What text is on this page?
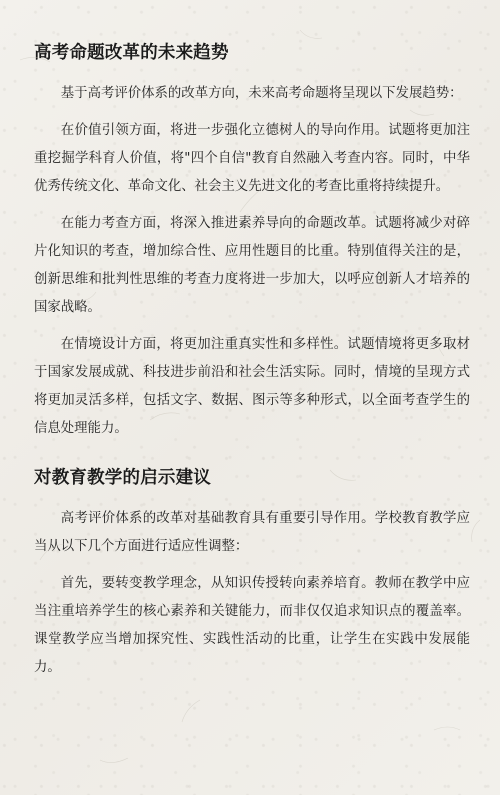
高考命题改革的未来趋势

基于高考评价体系的改革方向，未来高考命题将呈现以下发展趋势：

在价值引领方面，将进一步强化立德树人的导向作用。试题将更加注重挖掘学科育人价值，将"四个自信"教育自然融入考查内容。同时，中华优秀传统文化、革命文化、社会主义先进文化的考查比重将持续提升。

在能力考查方面，将深入推进素养导向的命题改革。试题将减少对碎片化知识的考查，增加综合性、应用性题目的比重。特别值得关注的是，创新思维和批判性思维的考查力度将进一步加大，以呼应创新人才培养的国家战略。

在情境设计方面，将更加注重真实性和多样性。试题情境将更多取材于国家发展成就、科技进步前沿和社会生活实际。同时，情境的呈现方式将更加灵活多样，包括文字、数据、图示等多种形式，以全面考查学生的信息处理能力。

对教育教学的启示建议

高考评价体系的改革对基础教育具有重要引导作用。学校教育教学应当从以下几个方面进行适应性调整：

首先，要转变教学理念，从知识传授转向素养培育。教师在教学中应当注重培养学生的核心素养和关键能力，而非仅仅追求知识点的覆盖率。课堂教学应当增加探究性、实践性活动的比重，让学生在实践中发展能力。
